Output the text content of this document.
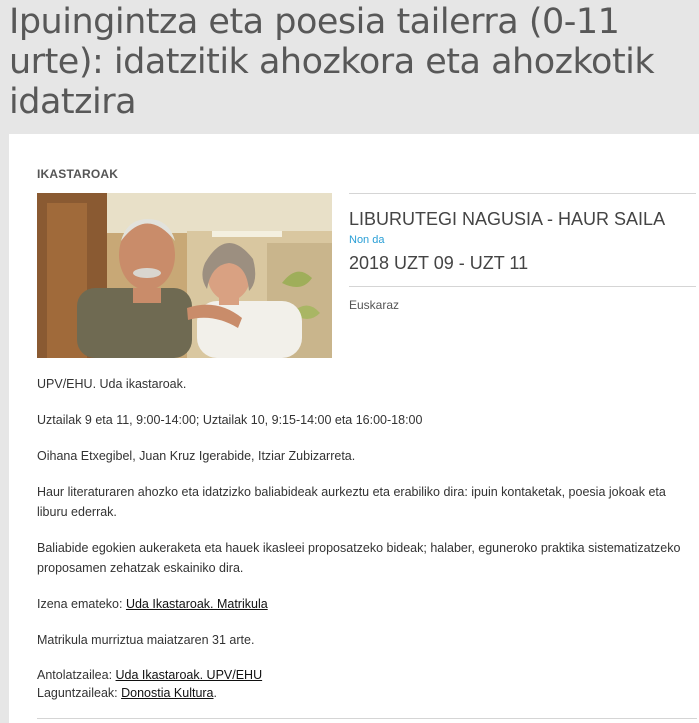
Ipuingintza eta poesia tailerra (0-11 urte): idatzitik ahozkora eta ahozkotik idatzira
IKASTAROAK
LIBURUTEGI NAGUSIA - HAUR SAILA
Non da
2018 UZT 09 - UZT 11
Euskaraz

UPV/EHU. Uda ikastaroak.

Uztailak 9 eta 11, 9:00-14:00; Uztailak 10, 9:15-14:00 eta 16:00-18:00

Oihana Etxegibel, Juan Kruz Igerabide, Itziar Zubizarreta.

Haur literaturaren ahozko eta idatzizko baliabideak aurkeztu eta erabiliko dira: ipuin kontaketak, poesia jokoak eta liburu ederrak.

Baliabide egokien aukeraketa eta hauek ikasleei proposatzeko bideak; halaber, eguneroko praktika sistematizatzeko proposamen zehatzak eskainiko dira.

Izena emateko: Uda Ikastaroak. Matrikula

Matrikula murriztua maiatzaren 31 arte.

Antolatzailea: Uda Ikastaroak. UPV/EHU

Laguntzaileak: Donostia Kultura.
